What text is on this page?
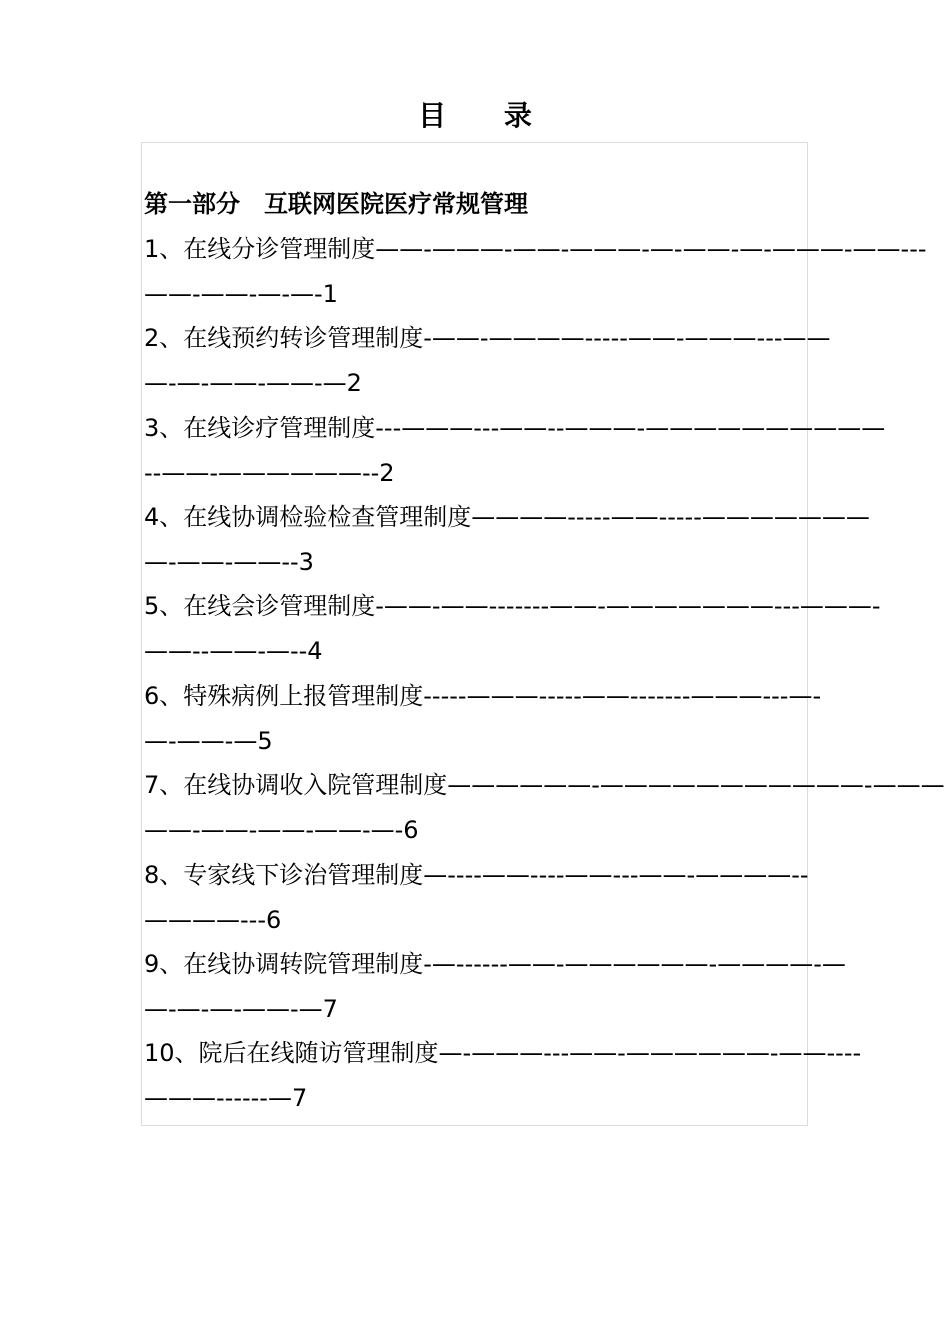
目 录
第一部分　互联网医院医疗常规管理
1、在线分诊管理制度——-———-——-———-—-——-—-———-——---
——-——-—-—-1
2、在线预约转诊管理制度-——-————-----——-———---——
—-—-——-——-—2
3、在线诊疗管理制度---———---——--———-——————————
--——-——————--2
4、在线协调检验检查管理制度————-----——-----———————
—-——-——--3
5、在线会诊管理制度-——-——-------——-———————---———-
——--——-—--4
6、特殊病例上报管理制度-----———-----——-------———---—-
—-——-—5
7、在线协调收入院管理制度——————-———————————-———
——-——-——-——-—-6
8、专家线下诊治管理制度—----——----——---——-————--
————---6
9、在线协调转院管理制度-—------——-——————-————-—
—-—-—-——-—7
10、院后在线随访管理制度—-———---——-——————-——----
———------—7
